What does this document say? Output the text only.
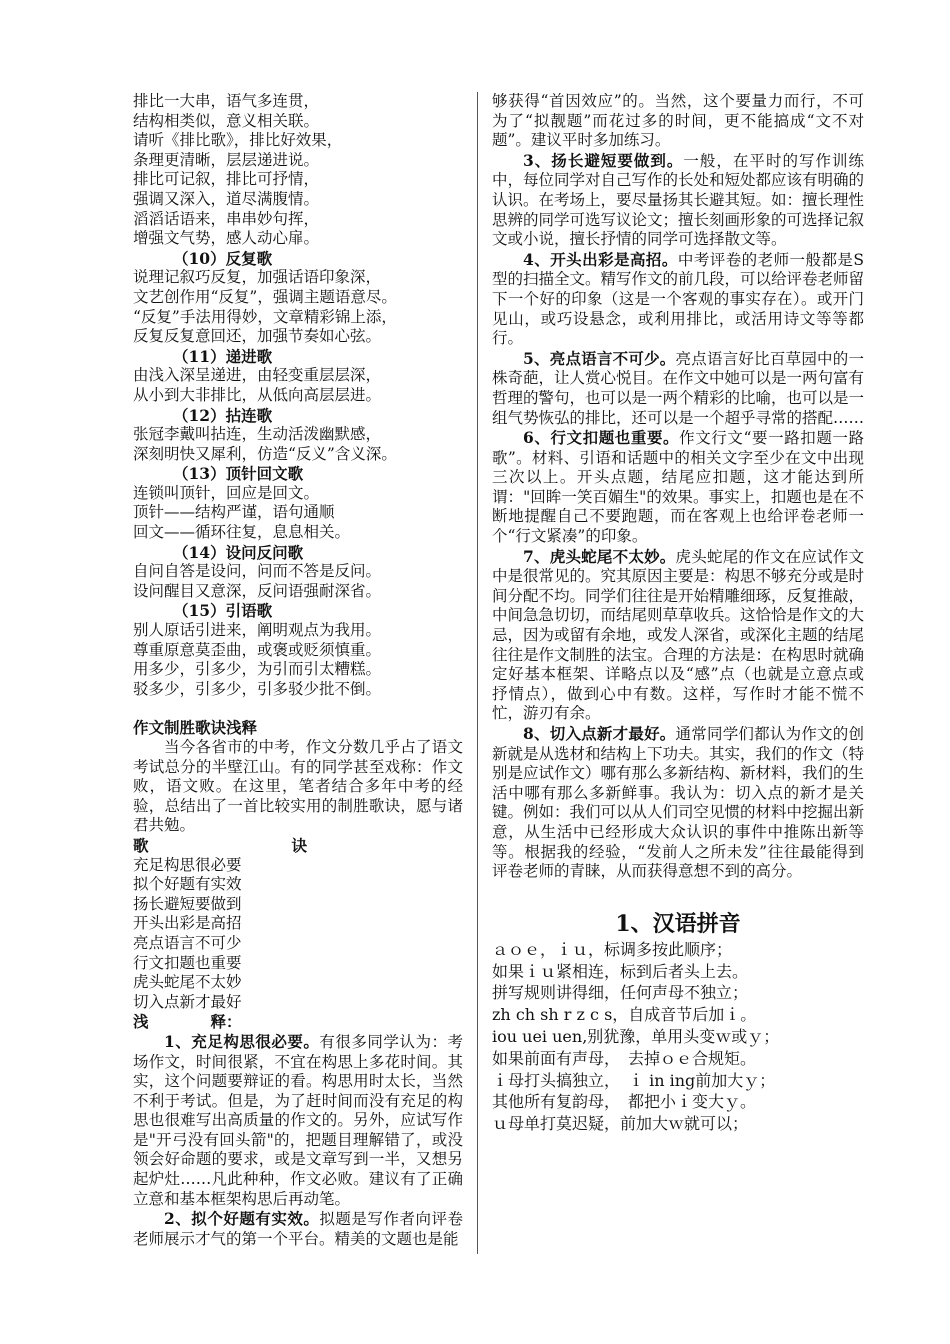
排比一大串，语气多连贯，
结构相类似，意义相关联。
请听《排比歌》，排比好效果，
条理更清晰，层层递进说。
排比可记叙，排比可抒情，
强调又深入，道尽满腹情。
滔滔话语来，串串妙句挥，
增强文气势，感人动心扉。
（10）反复歌
说理记叙巧反复，加强话语印象深，
文艺创作用“反复”，强调主题语意尽。
“反复”手法用得妙，文章精彩锦上添，
反复反复意回还，加强节奏如心弦。
（11）递进歌
由浅入深呈递进，由轻变重层层深，
从小到大非排比，从低向高层层进。
（12）拈连歌
张冠李戴叫拈连，生动活泼幽默感，
深刻明快又犀利，仿造“反义”含义深。
（13）顶针回文歌
连锁叫顶针，回应是回文。
顶针——结构严谨，语句通顺
回文——循环往复，息息相关。
（14）设问反问歌
自问自答是设问，问而不答是反问。
设问醒目又意深，反问语强耐深省。
（15）引语歌
别人原话引进来，阐明观点为我用。
尊重原意莫歪曲，或褒或贬须慎重。
用多少，引多少，为引而引太糟糕。
驳多少，引多少，引多驳少批不倒。
作文制胜歌诀浅释

当今各省市的中考，作文分数几乎占了语文考试总分的半壁江山。有的同学甚至戏称：作文败，语文败。在这里，笔者结合多年中考的经验，总结出了一首比较实用的制胜歌诀，愿与诸君共勉。

歌	诀
充足构思很必要
拟个好题有实效
扬长避短要做到
开头出彩是高招
亮点语言不可少
行文扣题也重要
虎头蛇尾不太妙
切入点新才最好
浅	释：

1、充足构思很必要。有很多同学认为：考场作文，时间很紧，不宜在构思上多花时间。其实，这个问题要辩证的看。构思用时太长，当然不利于考试。但是，为了赶时间而没有充足的构思也很难写出高质量的作文的。另外，应试写作是"开弓没有回头箭"的，把题目理解错了，或没领会好命题的要求，或是文章写到一半，又想另起炉灶……凡此种种，作文必败。建议有了正确立意和基本框架构思后再动笔。

2、拟个好题有实效。拟题是写作者向评卷老师展示才气的第一个平台。精美的文题也是能

够获得“首因效应”的。当然，这个要量力而行，不可为了“拟靓题”而花过多的时间，更不能搞成“文不对题”。建议平时多加练习。

3、扬长避短要做到。一般，在平时的写作训练中，每位同学对自己写作的长处和短处都应该有明确的认识。在考场上，要尽量扬其长避其短。如：擅长理性思辨的同学可选写议论文；擅长刻画形象的可选择记叙文或小说，擅长抒情的同学可选择散文等。

4、开头出彩是高招。中考评卷的老师一般都是S型的扫描全文。精写作文的前几段，可以给评卷老师留下一个好的印象（这是一个客观的事实存在）。或开门见山，或巧设悬念，或利用排比，或活用诗文等等都行。

5、亮点语言不可少。亮点语言好比百草园中的一株奇葩，让人赏心悦目。在作文中她可以是一两句富有哲理的警句，也可以是一两个精彩的比喻，也可以是一组气势恢弘的排比，还可以是一个超乎寻常的搭配……

6、行文扣题也重要。作文行文“要一路扣题一路歌”。材料、引语和话题中的相关文字至少在文中出现三次以上。开头点题，结尾应扣题，这才能达到所谓："回眸一笑百媚生"的效果。事实上，扣题也是在不断地提醒自己不要跑题，而在客观上也给评卷老师一个“行文紧凑”的印象。

7、虎头蛇尾不太妙。虎头蛇尾的作文在应试作文中是很常见的。究其原因主要是：构思不够充分或是时间分配不均。同学们往往是开始精雕细琢，反复推敲，中间急急切切，而结尾则草草收兵。这恰恰是作文的大忌，因为或留有余地，或发人深省，或深化主题的结尾往往是作文制胜的法宝。合理的方法是：在构思时就确定好基本框架、详略点以及“感”点（也就是立意点或抒情点），做到心中有数。这样，写作时才能不慌不忙，游刃有余。

8、切入点新才最好。通常同学们都认为作文的创新就是从选材和结构上下功夫。其实，我们的作文（特别是应试作文）哪有那么多新结构、新材料，我们的生活中哪有那么多新鲜事。我认为：切入点的新才是关键。例如：我们可以从人们司空见惯的材料中挖掘出新意，从生活中已经形成大众认识的事件中推陈出新等等。根据我的经验，“发前人之所未发”往往最能得到评卷老师的青睐，从而获得意想不到的高分。

1、汉语拼音
ａｏｅ，ｉｕ，标调多按此顺序；
如果ｉｕ紧相连，标到后者头上去。
拼写规则讲得细，任何声母不独立；
zh ch sh r z c s，自成音节后加ｉ。
iou uei uen,别犹豫，单用头变ｗ或ｙ；
如果前面有声母，　去掉ｏｅ合规矩。
ｉ母打头搞独立，　ｉ in ing前加大ｙ；
其他所有复韵母，　都把小ｉ变大ｙ。
ｕ母单打莫迟疑，前加大ｗ就可以；
